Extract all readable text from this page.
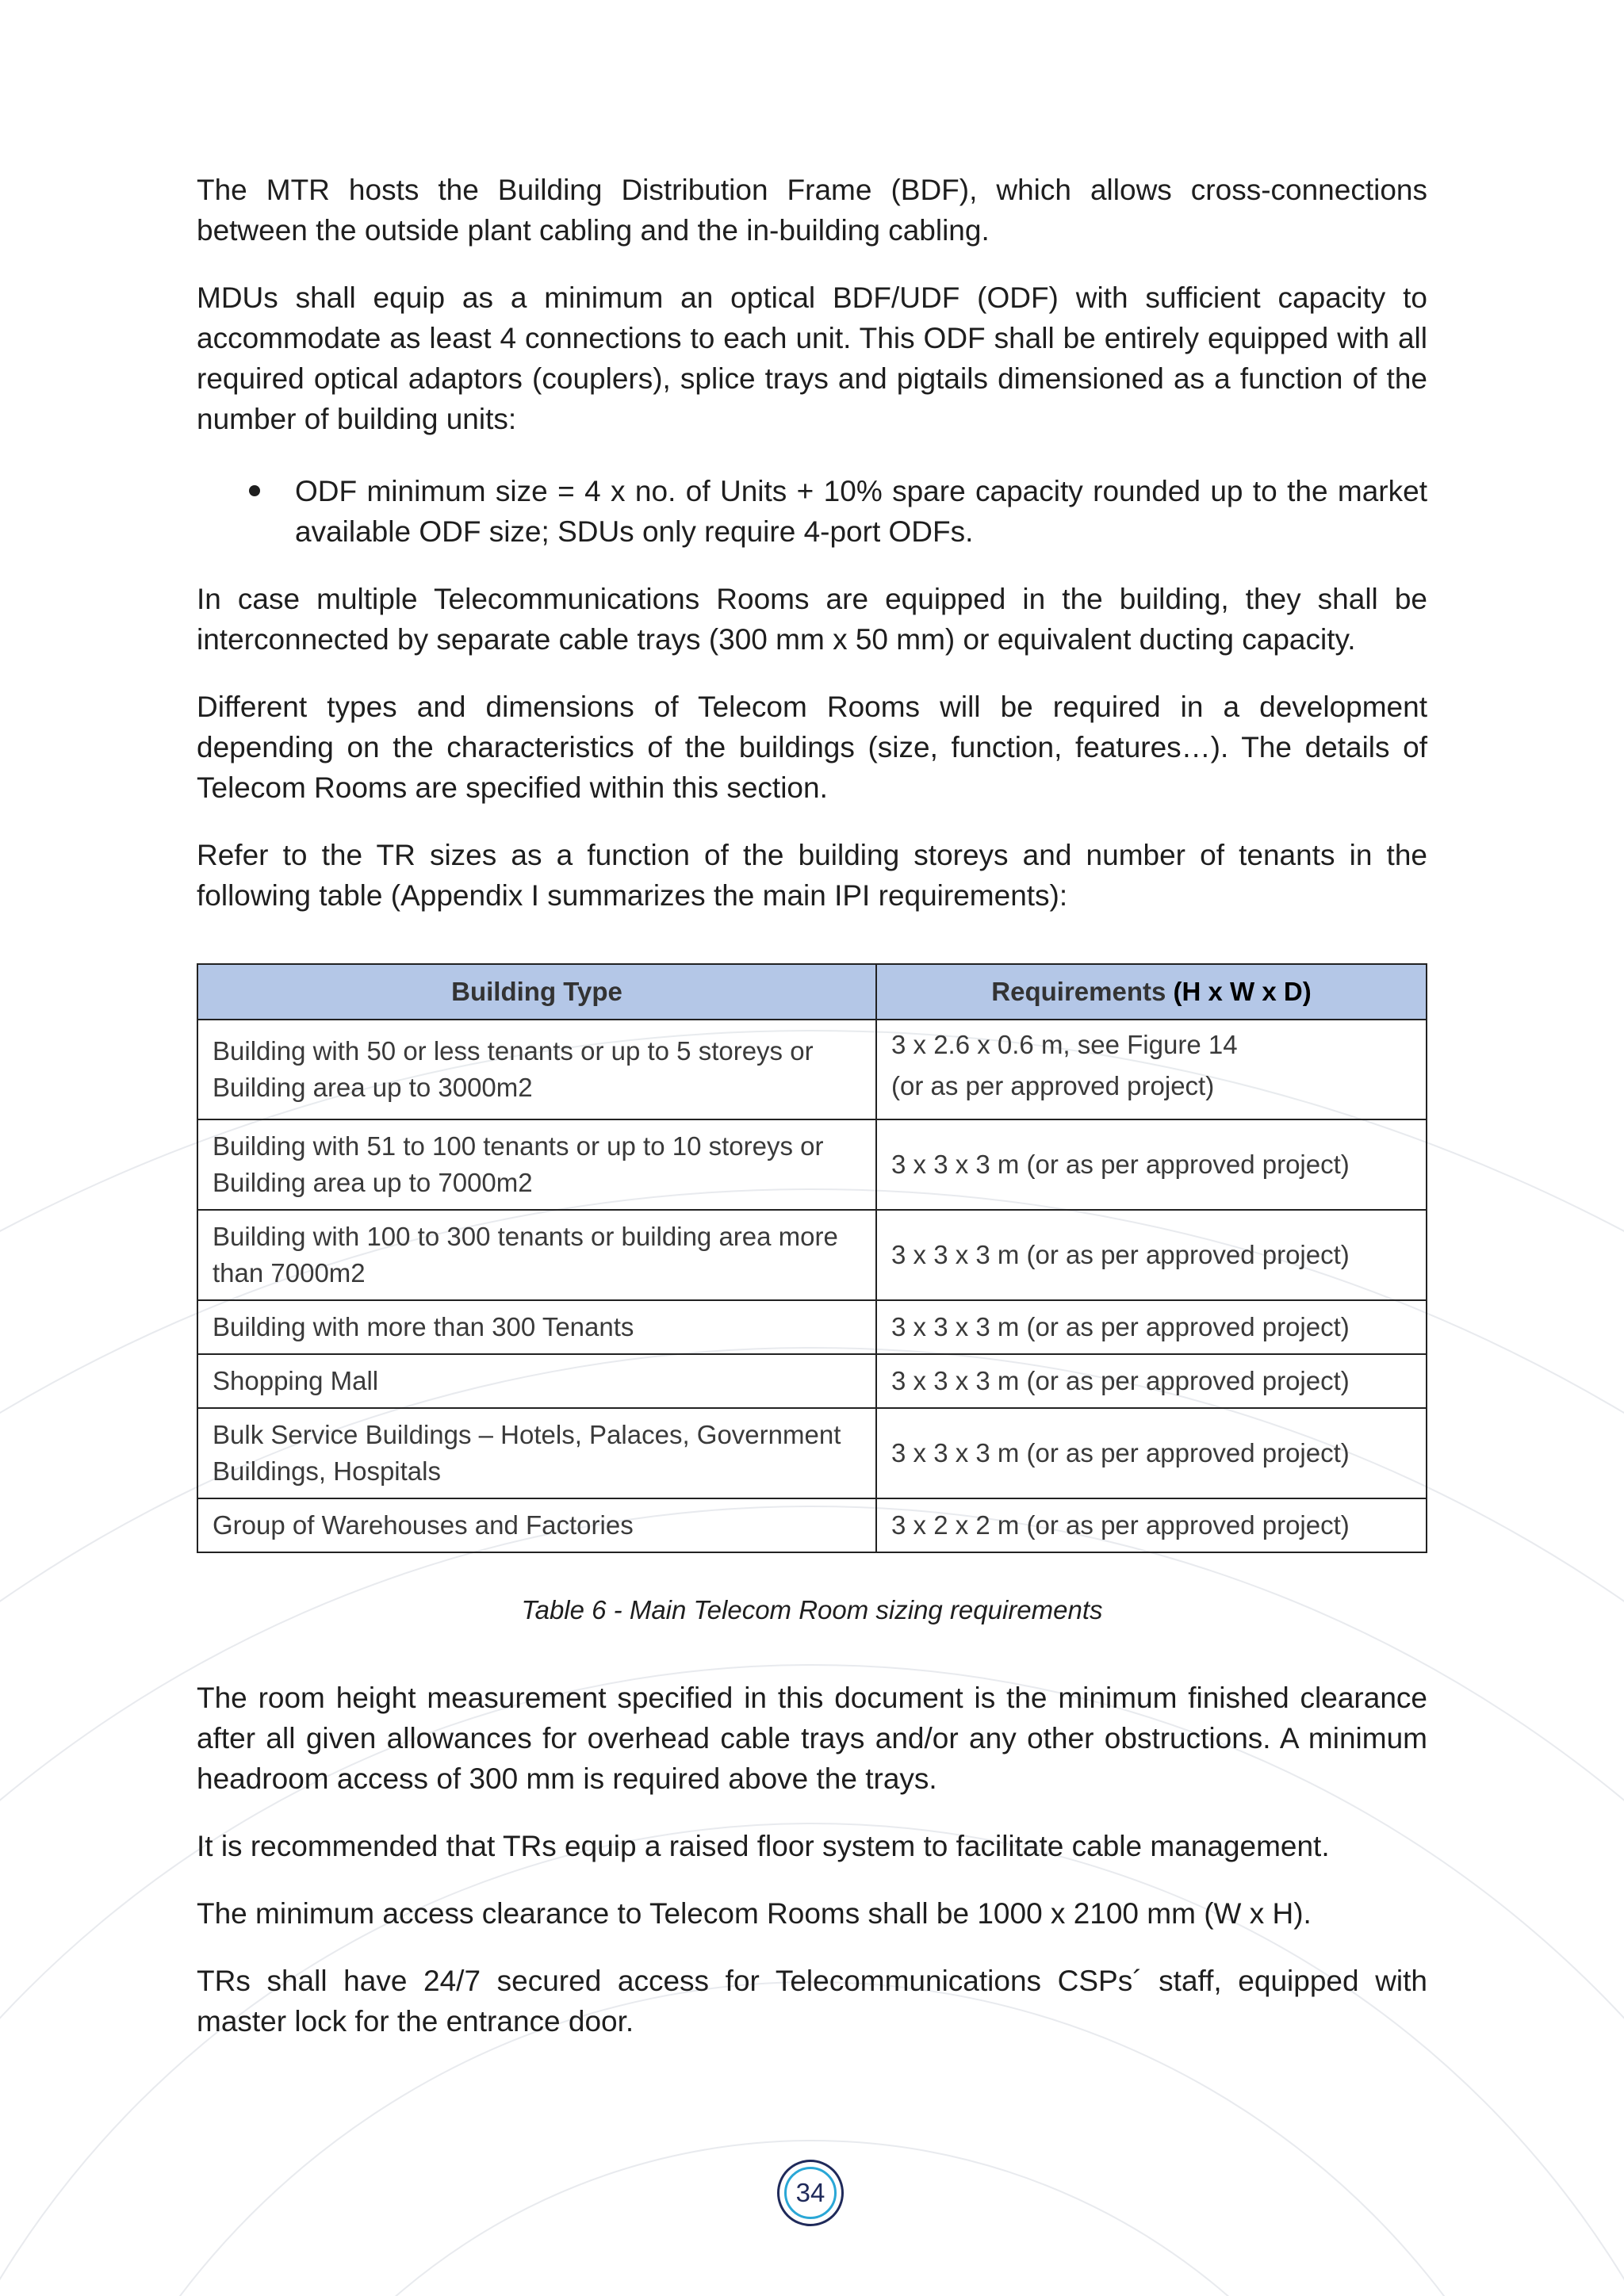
The MTR hosts the Building Distribution Frame (BDF), which allows cross-connections between the outside plant cabling and the in-building cabling.

MDUs shall equip as a minimum an optical BDF/UDF (ODF) with sufficient capacity to accommodate as least 4 connections to each unit. This ODF shall be entirely equipped with all required optical adaptors (couplers), splice trays and pigtails dimensioned as a function of the number of building units:

ODF minimum size = 4 x no. of Units + 10% spare capacity rounded up to the market available ODF size; SDUs only require 4-port ODFs.

In case multiple Telecommunications Rooms are equipped in the building, they shall be interconnected by separate cable trays (300 mm x 50 mm) or equivalent ducting capacity.

Different types and dimensions of Telecom Rooms will be required in a development depending on the characteristics of the buildings (size, function, features…). The details of Telecom Rooms are specified within this section.

Refer to the TR sizes as a function of the building storeys and number of tenants in the following table (Appendix I summarizes the main IPI requirements):

Building Type	Requirements (H x W x D)
Building with 50 or less tenants or up to 5 storeys or Building area up to 3000m2	3 x 2.6 x 0.6 m, see Figure 14
(or as per approved project)

Building with 51 to 100 tenants or up to 10 storeys or Building area up to 7000m2	3 x 3 x 3 m (or as per approved project)
Building with 100 to 300 tenants or building area more than 7000m2	3 x 3 x 3 m (or as per approved project)
Building with more than 300 Tenants	3 x 3 x 3 m (or as per approved project)
Shopping Mall	3 x 3 x 3 m (or as per approved project)
Bulk Service Buildings – Hotels, Palaces, Government Buildings, Hospitals	3 x 3 x 3 m (or as per approved project)
Group of Warehouses and Factories	3 x 2 x 2 m (or as per approved project)
Table 6 - Main Telecom Room sizing requirements

The room height measurement specified in this document is the minimum finished clearance after all given allowances for overhead cable trays and/or any other obstructions. A minimum headroom access of 300 mm is required above the trays.

It is recommended that TRs equip a raised floor system to facilitate cable management.

The minimum access clearance to Telecom Rooms shall be 1000 x 2100 mm (W x H).

TRs shall have 24/7 secured access for Telecommunications CSPs´ staff, equipped with master lock for the entrance door.

34
